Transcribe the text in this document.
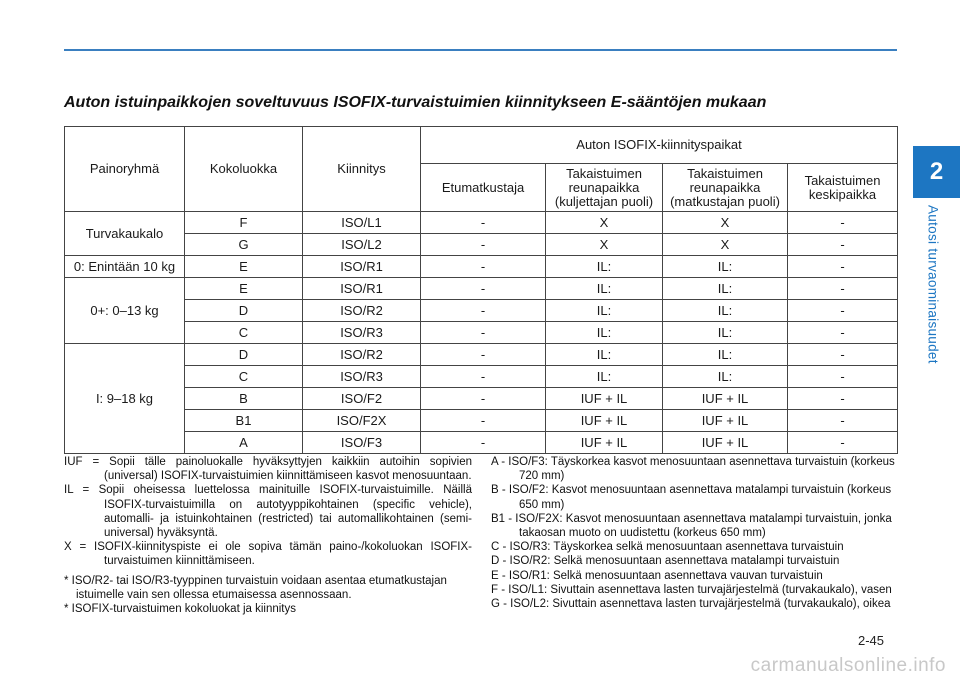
2
Autosi turvaominaisuudet
Auton istuinpaikkojen soveltuvuus ISOFIX-turvaistuimien kiinnitykseen E-sääntöjen mukaan
Painoryhmä	Kokoluokka	Kiinnitys	Auton ISOFIX-kiinnityspaikat			
			Etumatkustaja	Takaistuimen reunapaikka (kuljettajan puoli)	Takaistuimen reunapaikka (matkustajan puoli)	Takaistuimen keskipaikka
Turvakaukalo	F	ISO/L1	-	X	X	-
	G	ISO/L2	-	X	X	-
0: Enintään 10 kg	E	ISO/R1	-	IL:	IL:	-
0+: 0–13 kg	E	ISO/R1	-	IL:	IL:	-
	D	ISO/R2	-	IL:	IL:	-
	C	ISO/R3	-	IL:	IL:	-
I: 9–18 kg	D	ISO/R2	-	IL:	IL:	-
	C	ISO/R3	-	IL:	IL:	-
	B	ISO/F2	-	IUF + IL	IUF + IL	-
	B1	ISO/F2X	-	IUF + IL	IUF + IL	-
	A	ISO/F3	-	IUF + IL	IUF + IL	-
IUF = Sopii tälle painoluokalle hyväksyttyjen kaikkiin autoihin sopivien (universal) ISOFIX-turvaistuimien kiinnittämiseen kasvot menosuuntaan.
IL = Sopii oheisessa luettelossa mainituille ISOFIX-turvaistuimille. Näillä ISOFIX-turvaistuimilla on autotyyppikohtainen (specific vehicle), automalli- ja istuinkohtainen (restricted) tai automallikohtainen (semi-universal) hyväksyntä.
X = ISOFIX-kiinnityspiste ei ole sopiva tämän paino-/kokoluokan ISOFIX-turvaistuimen kiinnittämiseen.
* ISO/R2- tai ISO/R3-tyyppinen turvaistuin voidaan asentaa etumatkustajan istuimelle vain sen ollessa etumaisessa asennossaan.
* ISOFIX-turvaistuimen kokoluokat ja kiinnitys
A - ISO/F3: Täyskorkea kasvot menosuuntaan asennettava turvaistuin (korkeus 720 mm)
B - ISO/F2: Kasvot menosuuntaan asennettava matalampi turvaistuin (korkeus 650 mm)
B1 - ISO/F2X: Kasvot menosuuntaan asennettava matalampi turvaistuin, jonka takaosan muoto on uudistettu (korkeus 650 mm)
C - ISO/R3: Täyskorkea selkä menosuuntaan asennettava turvaistuin
D - ISO/R2: Selkä menosuuntaan asennettava matalampi turvaistuin
E - ISO/R1: Selkä menosuuntaan asennettava vauvan turvaistuin
F - ISO/L1: Sivuttain asennettava lasten turvajärjestelmä (turvakaukalo), vasen
G - ISO/L2: Sivuttain asennettava lasten turvajärjestelmä (turvakaukalo), oikea
2-45
carmanualsonline.info
